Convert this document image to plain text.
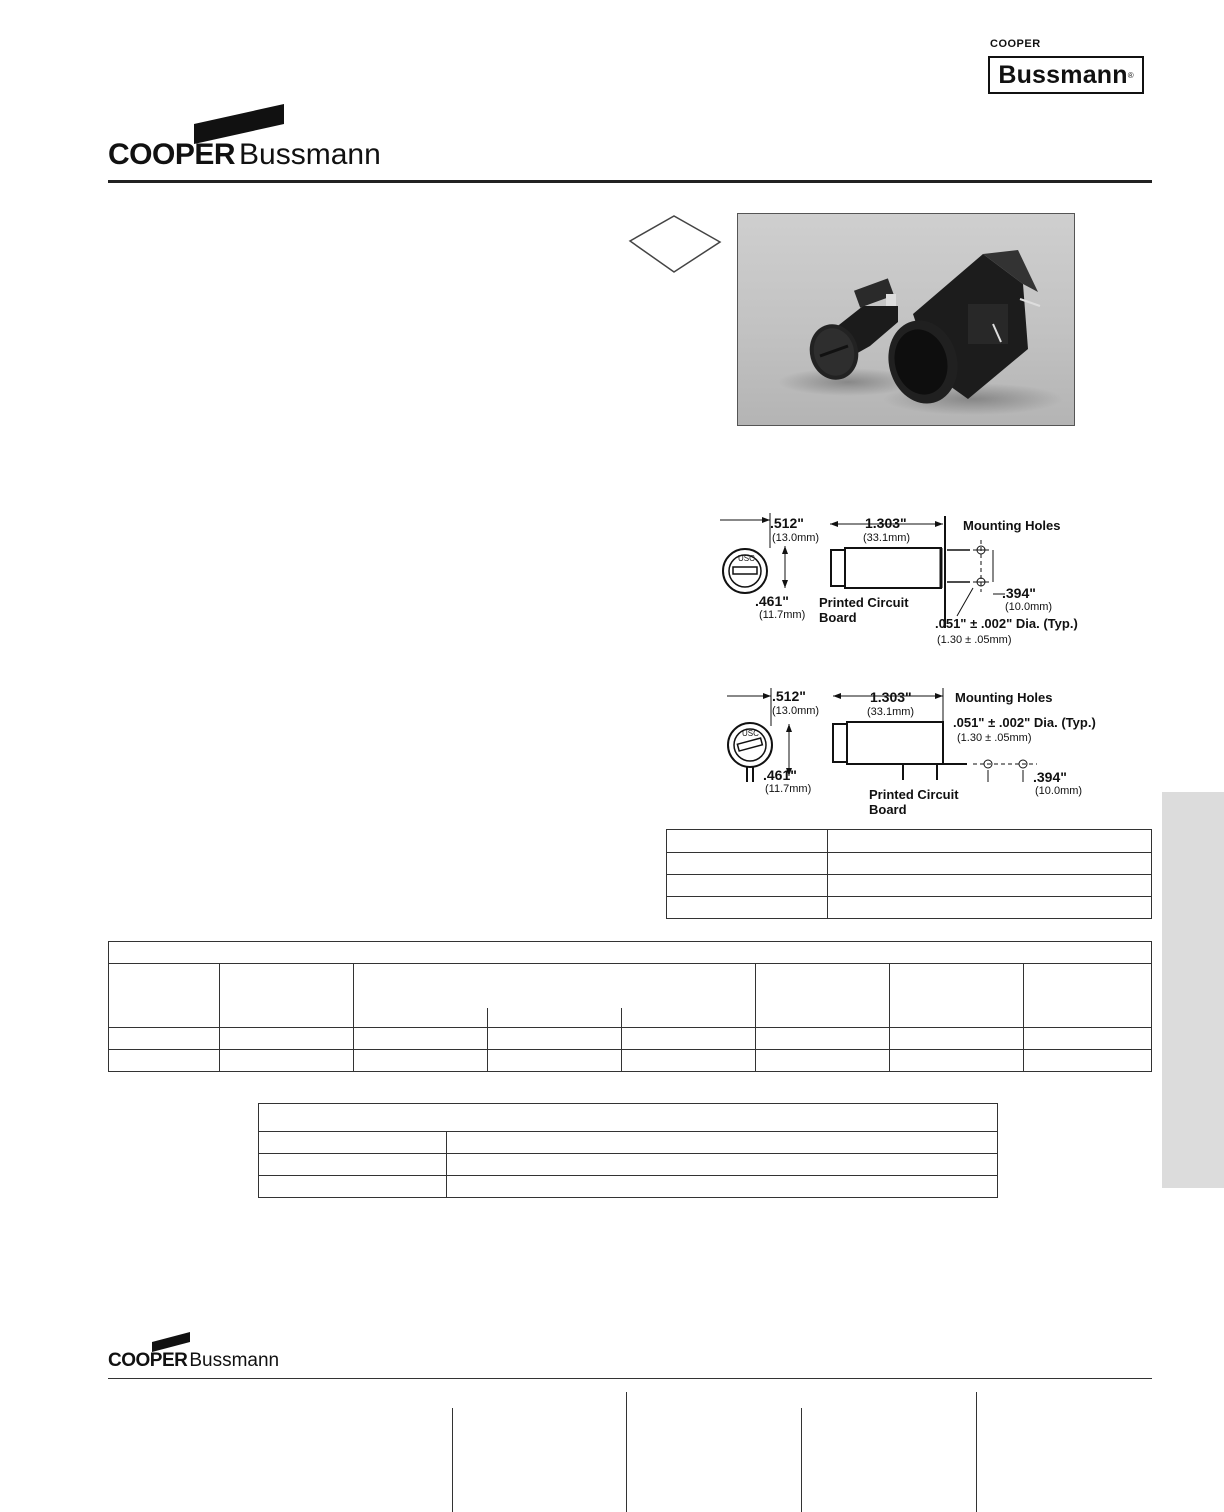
COOPER
Bussmann ®
COOPER Bussmann
.512"
(13.0mm)
USC
.461"
(11.7mm)
1.303"
(33.1mm)
Mounting Holes
.394"
(10.0mm)
Printed Circuit
Board	.051" ± .002" Dia. (Typ.)
(1.30 ± .05mm)
.512"
(13.0mm)
USC
.461"
(11.7mm)
1.303"
(33.1mm)
Mounting Holes
.051" ± .002" Dia. (Typ.)
(1.30 ± .05mm)
.394"
(10.0mm)
Printed Circuit
Board

COOPER Bussmann
